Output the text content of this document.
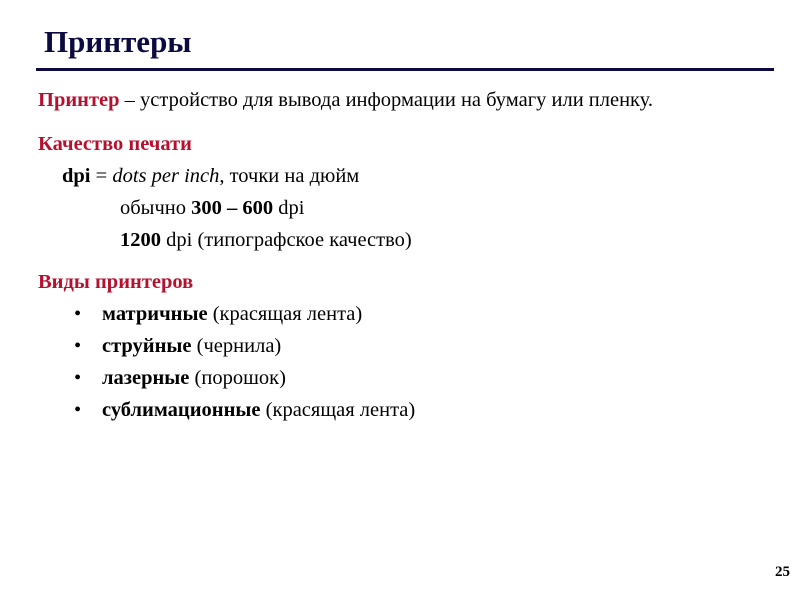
Принтеры

Принтер – устройство для вывода информации на бумагу или пленку.

Качество печати

dpi = dots per inch, точки на дюйм

обычно 300 – 600 dpi

1200 dpi (типографское качество)

Виды принтеров

• матричные (красящая лента)
• струйные (чернила)
• лазерные (порошок)
• сублимационные (красящая лента)
25
